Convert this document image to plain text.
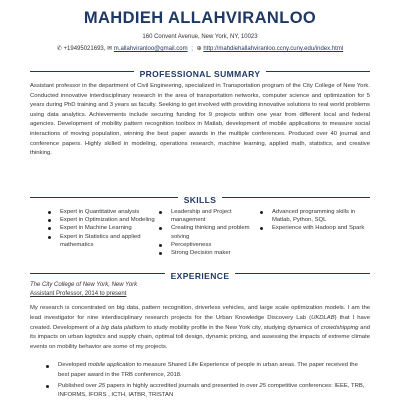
MAHDIEH ALLAHVIRANLOO
160 Convent Avenue, New York, NY, 10023
✆ +19495021693, ✉ m.allahviranloo@gmail.com ; ⊕ http://mahdiehallahviranloo.ccny.cuny.edu/index.html
PROFESSIONAL SUMMARY
Assistant professor in the department of Civil Engineering, specialized in Transportation program of the City College of New York. Conducted innovative interdisciplinary research in the area of transportation networks, computer science and optimization for 5 years during PhD training and 3 years as faculty. Seeking to get involved with providing innovative solutions to real world problems using data analytics. Achievements include securing funding for 9 projects within one year from different local and federal agencies. Development of mobility pattern recognition toolbox in Matlab, development of mobile applications to measure social interactions of moving population, winning the best paper awards in the multiple conferences. Produced over 40 journal and conference papers. Highly skilled in modeling, operations research, machine learning, applied math, statistics, and creative thinking.
SKILLS
Expert in Quantitative analysis
Expert in Optimization and Modeling
Expert in Machine Learning
Expert in Statistics and applied mathematics
Leadership and Project management
Creating thinking and problem solving
Perceptiveness
Strong Decision maker
Advanced programming skills in Matlab, Python, SQL
Experience with Hadoop and Spark
EXPERIENCE
The City College of New York, New York
Assistant Professor, 2014 to present
My research is concentrated on big data, pattern recognition, driverless vehicles, and large scale optimization models. I am the lead investigator for nine interdisciplinary research projects for the Urban Knowledge Discovery Lab (UKDLAB) that I have created. Development of a big data platform to study mobility profile in the New York city, studying dynamics of crowdshipping and its impacts on urban logistics and supply chain, optimal toll design, dynamic pricing, and assessing the impacts of extreme climate events on mobility behavior are some of my projects.
Developed mobile application to measure Shared Life Experience of people in urban areas. The paper received the best paper award in the TRB conference, 2018.
Published over 25 papers in highly accredited journals and presented in over 25 competitive conferences: IEEE, TRB, INFORMS, IFORS , ICTH, IATBR, TRISTAN
